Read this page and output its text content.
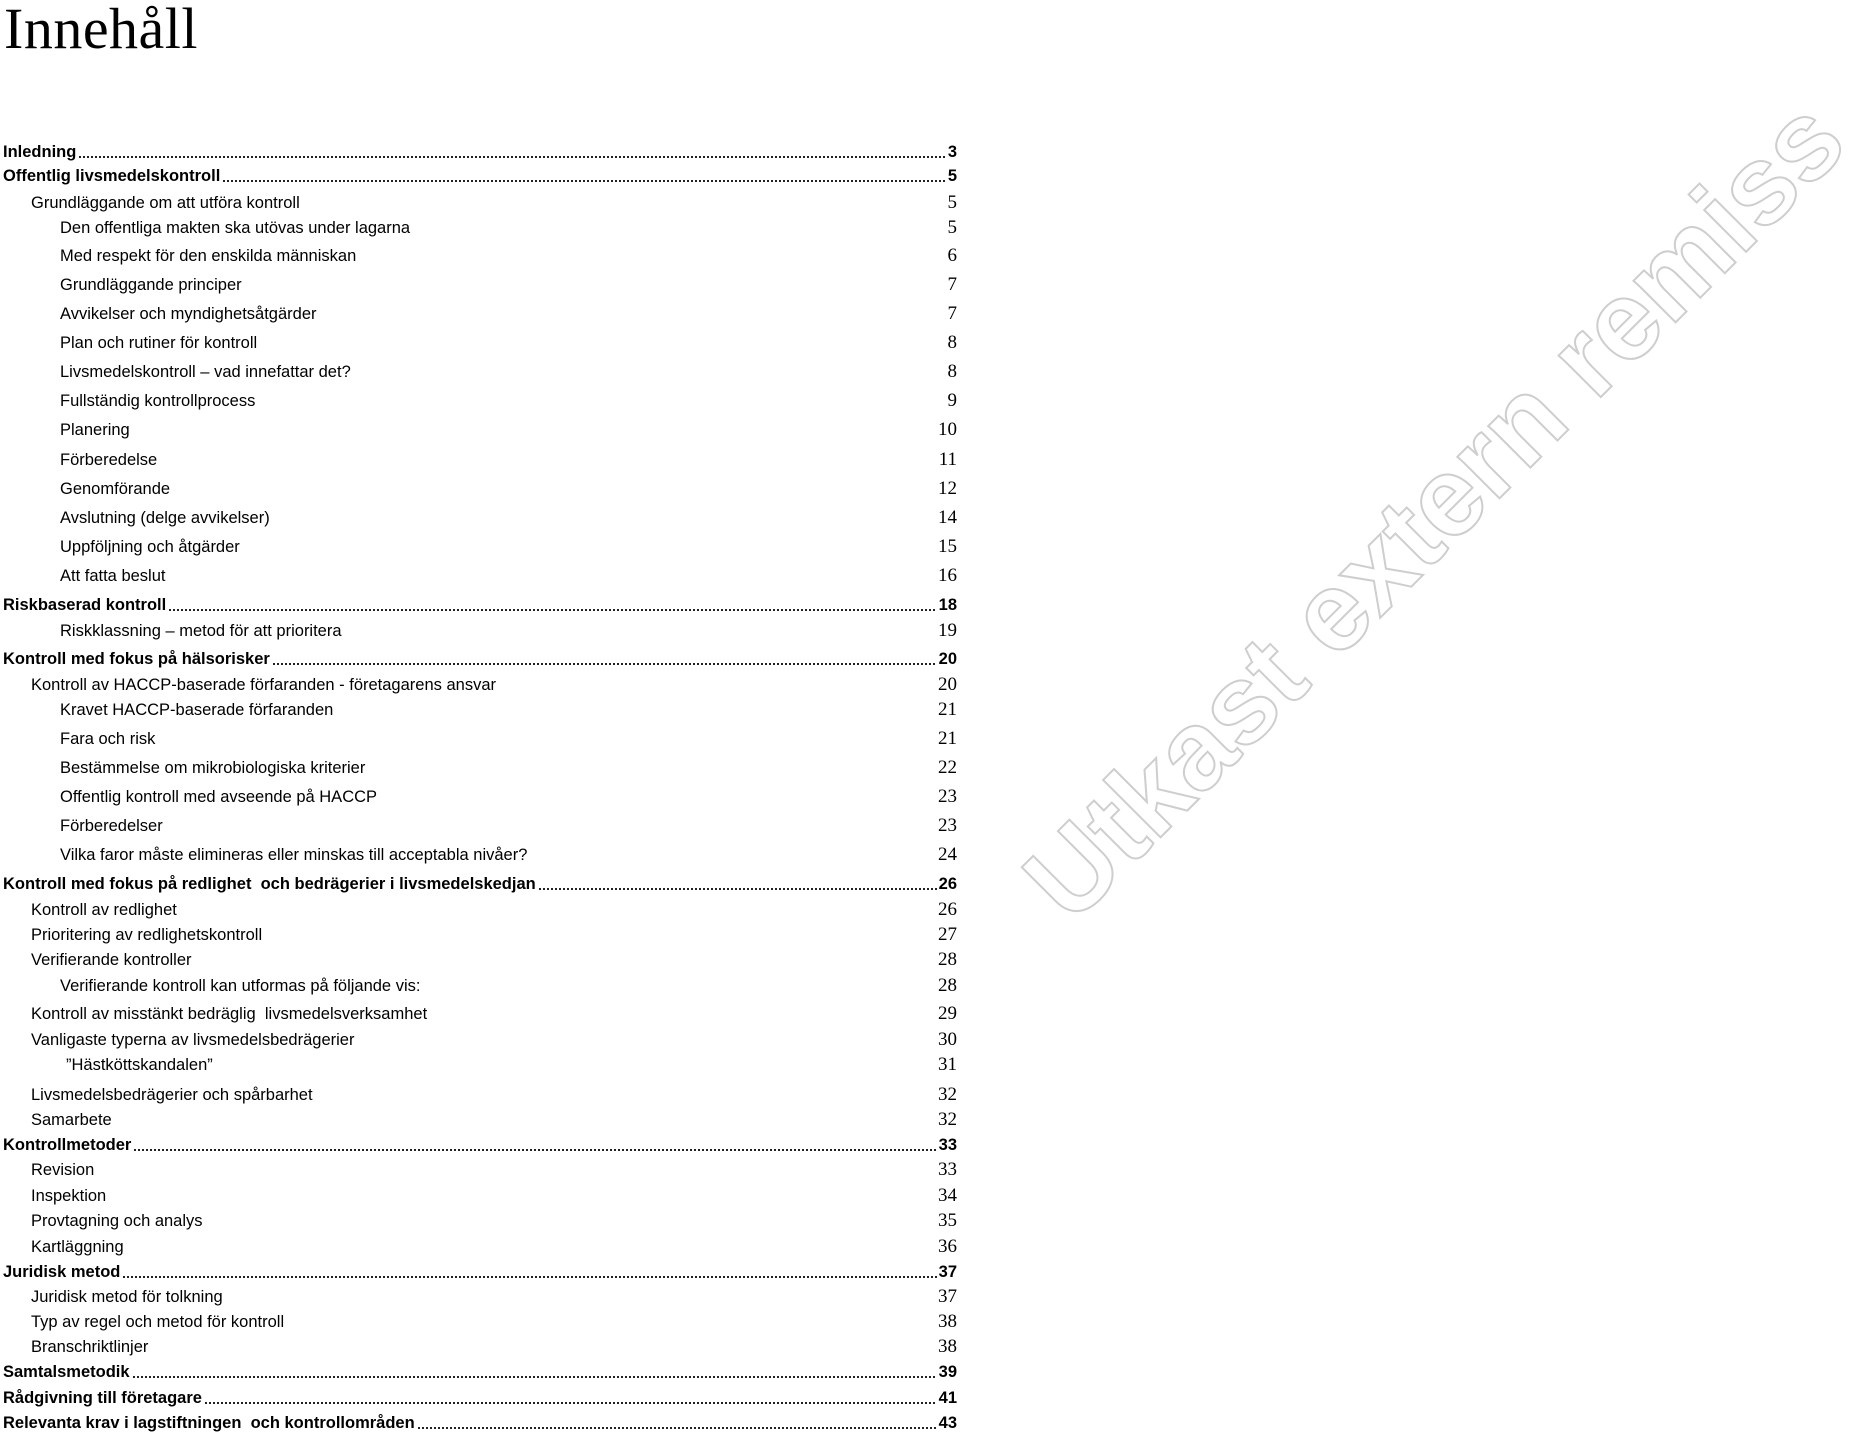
Innehåll
Inledning	3
Offentlig livsmedelskontroll	5
Grundläggande om att utföra kontroll	5
Den offentliga makten ska utövas under lagarna	5
Med respekt för den enskilda människan	6
Grundläggande principer	7
Avvikelser och myndighetsåtgärder	7
Plan och rutiner för kontroll	8
Livsmedelskontroll – vad innefattar det?	8
Fullständig kontrollprocess	9
Planering	10
Förberedelse	11
Genomförande	12
Avslutning (delge avvikelser)	14
Uppföljning och åtgärder	15
Att fatta beslut	16
Riskbaserad kontroll	18
Riskklassning – metod för att prioritera	19
Kontroll med fokus på hälsorisker	20
Kontroll av HACCP-baserade förfaranden - företagarens ansvar	20
Kravet HACCP-baserade förfaranden	21
Fara och risk	21
Bestämmelse om mikrobiologiska kriterier	22
Offentlig kontroll med avseende på HACCP	23
Förberedelser	23
Vilka faror måste elimineras eller minskas till acceptabla nivåer?	24
Kontroll med fokus på redlighet  och bedrägerier i livsmedelskedjan	26
Kontroll av redlighet	26
Prioritering av redlighetskontroll	27
Verifierande kontroller	28
Verifierande kontroll kan utformas på följande vis:	28
Kontroll av misstänkt bedräglig  livsmedelsverksamhet	29
Vanligaste typerna av livsmedelsbedrägerier	30
”Hästköttskandalen”	31
Livsmedelsbedrägerier och spårbarhet	32
Samarbete	32
Kontrollmetoder	33
Revision	33
Inspektion	34
Provtagning och analys	35
Kartläggning	36
Juridisk metod	37
Juridisk metod för tolkning	37
Typ av regel och metod för kontroll	38
Branschriktlinjer	38
Samtalsmetodik	39
Rådgivning till företagare	41
Relevanta krav i lagstiftningen  och kontrollområden	43
Utkast extern remiss
